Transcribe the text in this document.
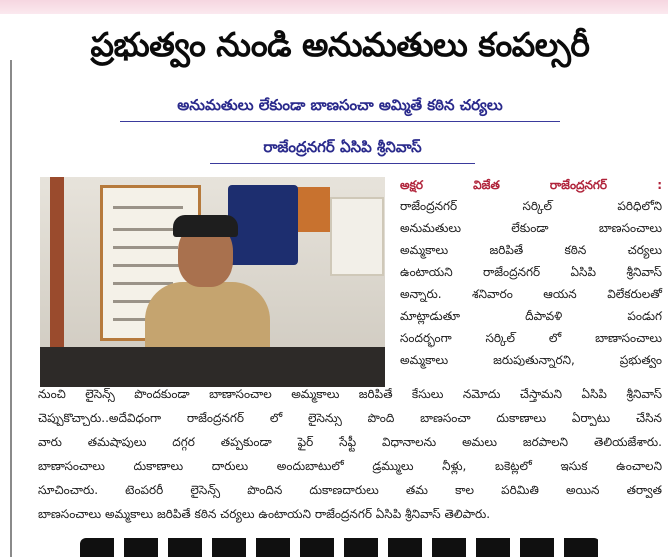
ప్రభుత్వం నుండి అనుమతులు కంపల్సరీ
అనుమతులు లేకుండా బాణసంచా అమ్మితే కఠిన చర్యలు
రాజేంద్రనగర్ ఏసిపి శ్రీనివాస్
అక్షర విజేత రాజేంద్రనగర్ :
రాజేంద్రనగర్ సర్కిల్ పరిధిలోని
అనుమతులు లేకుండా బాణసంచాలు
అమ్మకాలు జరిపితే కఠిన చర్యలు
ఉంటాయని రాజేంద్రనగర్ ఏసిపి శ్రీనివాస్
అన్నారు. శనివారం ఆయన విలేకరులతో
మాట్లాడుతూ దీపావళి పండుగ
సందర్భంగా సర్కిల్ లో బాణాసంచాలు
అమ్మకాలు జరుపుతున్నారని, ప్రభుత్వం
నుంచి లైసెన్స్ పొందకుండా బాణాసంచాల అమ్మకాలు జరిపితే కేసులు నమోదు చేస్తామని ఏసిపి శ్రీనివాస్
చెప్పుకొచ్చారు..అదేవిధంగా రాజేంద్రనగర్ లో లైసెన్సు పొంది బాణసంచా దుకాణాలు ఏర్పాటు చేసిన
వారు తమషాపులు దగ్గర తప్పకుండా ఫైర్ సేఫ్టీ విధానాలను అమలు జరపాలని తెలియజేశారు.
బాణాసంచాలు దుకాణాలు దారులు అందుబాటులో డ్రమ్ములు నీళ్లు, బకెట్లలో ఇసుక ఉంచాలని
సూచించారు. టెంపరరీ లైసెన్స్ పొందిన దుకాణదారులు తమ కాల పరిమితి అయిన తర్వాత
బాణసంచాలు అమ్మకాలు జరిపితే కఠిన చర్యలు ఉంటాయని రాజేంద్రనగర్ ఏసిపి శ్రీనివాస్ తెలిపారు.
